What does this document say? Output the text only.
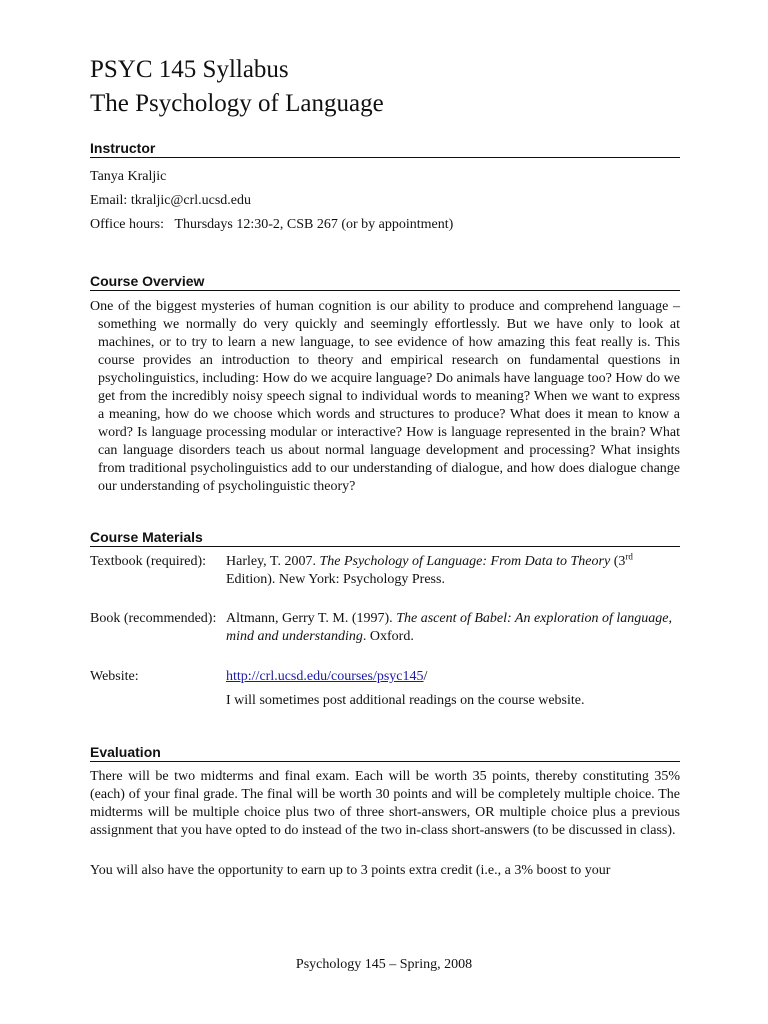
PSYC 145 Syllabus
The Psychology of Language
Instructor
Tanya Kraljic
Email: tkraljic@crl.ucsd.edu
Office hours: Thursdays 12:30-2, CSB 267 (or by appointment)
Course Overview

One of the biggest mysteries of human cognition is our ability to produce and comprehend language – something we normally do very quickly and seemingly effortlessly. But we have only to look at machines, or to try to learn a new language, to see evidence of how amazing this feat really is. This course provides an introduction to theory and empirical research on fundamental questions in psycholinguistics, including: How do we acquire language? Do animals have language too? How do we get from the incredibly noisy speech signal to individual words to meaning? When we want to express a meaning, how do we choose which words and structures to produce? What does it mean to know a word? Is language processing modular or interactive? How is language represented in the brain? What can language disorders teach us about normal language development and processing? What insights from traditional psycholinguistics add to our understanding of dialogue, and how does dialogue change our understanding of psycholinguistic theory?

Course Materials
Textbook (required):	Harley, T. 2007. The Psychology of Language: From Data to Theory (3rd
Edition). New York: Psychology Press.
Book (recommended): Altmann, Gerry T. M. (1997). The ascent of Babel: An exploration of language, mind and understanding. Oxford.
Website:	http://crl.ucsd.edu/courses/psyc145/
I will sometimes post additional readings on the course website.
Evaluation

There will be two midterms and final exam. Each will be worth 35 points, thereby constituting 35% (each) of your final grade. The final will be worth 30 points and will be completely multiple choice. The midterms will be multiple choice plus two of three short-answers, OR multiple choice plus a previous assignment that you have opted to do instead of the two in-class short-answers (to be discussed in class).

You will also have the opportunity to earn up to 3 points extra credit (i.e., a 3% boost to your

Psychology 145 – Spring, 2008
